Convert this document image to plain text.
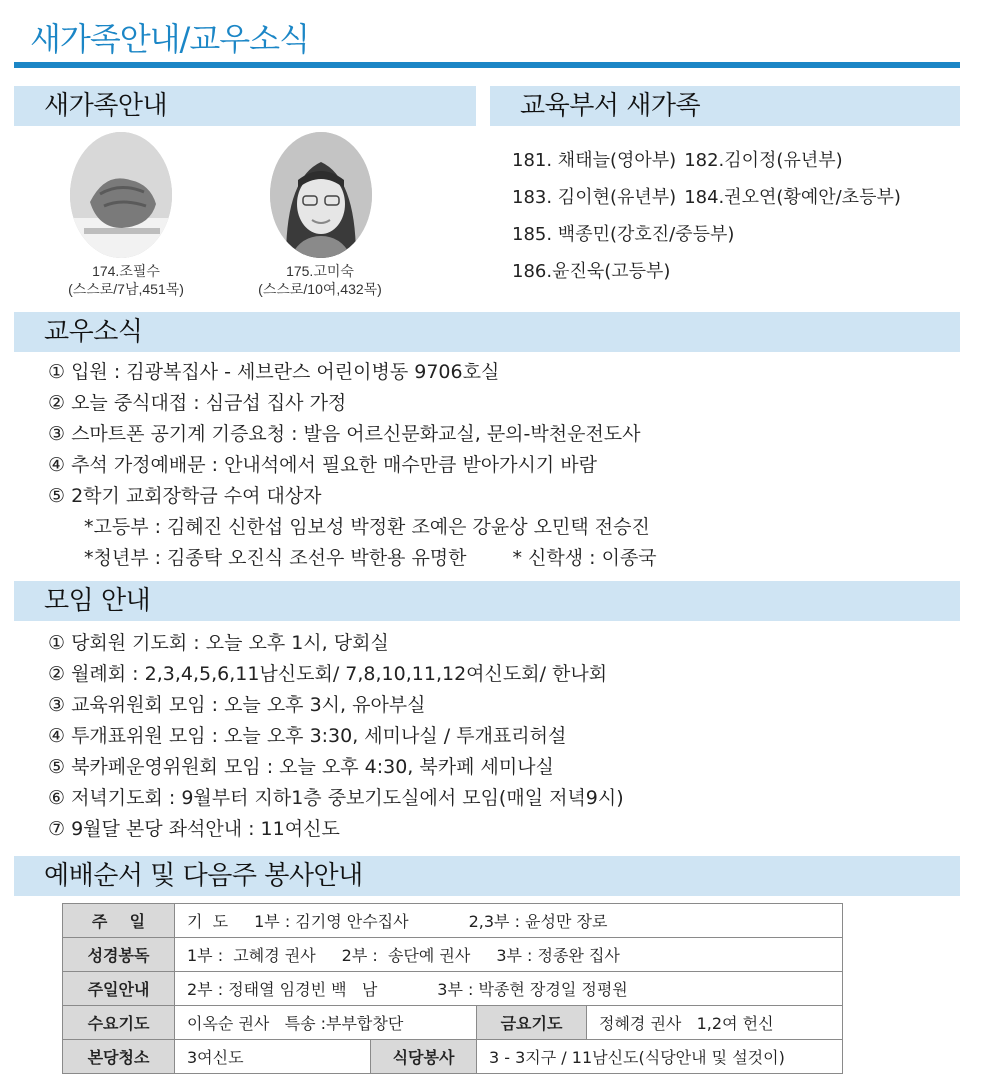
새가족안내/교우소식
새가족안내	교육부서 새가족
174.조필수
(스스로/7남,451목)
175.고미숙
(스스로/10여,432목)
181. 채태늘(영아부) 182.김이정(유년부)
183. 김이현(유년부) 184.권오연(황예안/초등부)
185. 백종민(강호진/중등부)
186.윤진욱(고등부)
교우소식
① 입원 : 김광복집사 - 세브란스 어린이병동 9706호실
② 오늘 중식대접 : 심금섭 집사 가정
③ 스마트폰 공기계 기증요청 : 발음 어르신문화교실, 문의-박천운전도사
④ 추석 가정예배문 : 안내석에서 필요한 매수만큼 받아가시기 바람
⑤ 2학기 교회장학금 수여 대상자
*고등부 : 김혜진 신한섭 임보성 박정환 조예은 강윤상 오민택 전승진
*청년부 : 김종탁 오진식 조선우 박한용 유명한 * 신학생 : 이종국
모임 안내
① 당회원 기도회 : 오늘 오후 1시, 당회실
② 월례회 : 2,3,4,5,6,11남신도회/ 7,8,10,11,12여신도회/ 한나회
③ 교육위원회 모임 : 오늘 오후 3시, 유아부실
④ 투개표위원 모임 : 오늘 오후 3:30, 세미나실 / 투개표리허설
⑤ 북카페운영위원회 모임 : 오늘 오후 4:30, 북카페 세미나실
⑥ 저녁기도회 : 9월부터 지하1층 중보기도실에서 모임(매일 저녁9시)
⑦ 9월달 본당 좌석안내 : 11여신도
예배순서 및 다음주 봉사안내
주    일	기  도 1부 : 김기영 안수집사 2,3부 : 윤성만 장로			
성경봉독	1부 :  고혜경 권사 2부 :  송단예 권사 3부 : 정종완 집사			
주일안내	2부 : 정태열 임경빈 백   남 3부 : 박종현 장경일 정평원			
수요기도	이옥순 권사   특송 :부부합창단		금요기도	정혜경 권사   1,2여 헌신
본당청소	3여신도	식당봉사	3 - 3지구 / 11남신도(식당안내 및 설것이)	
